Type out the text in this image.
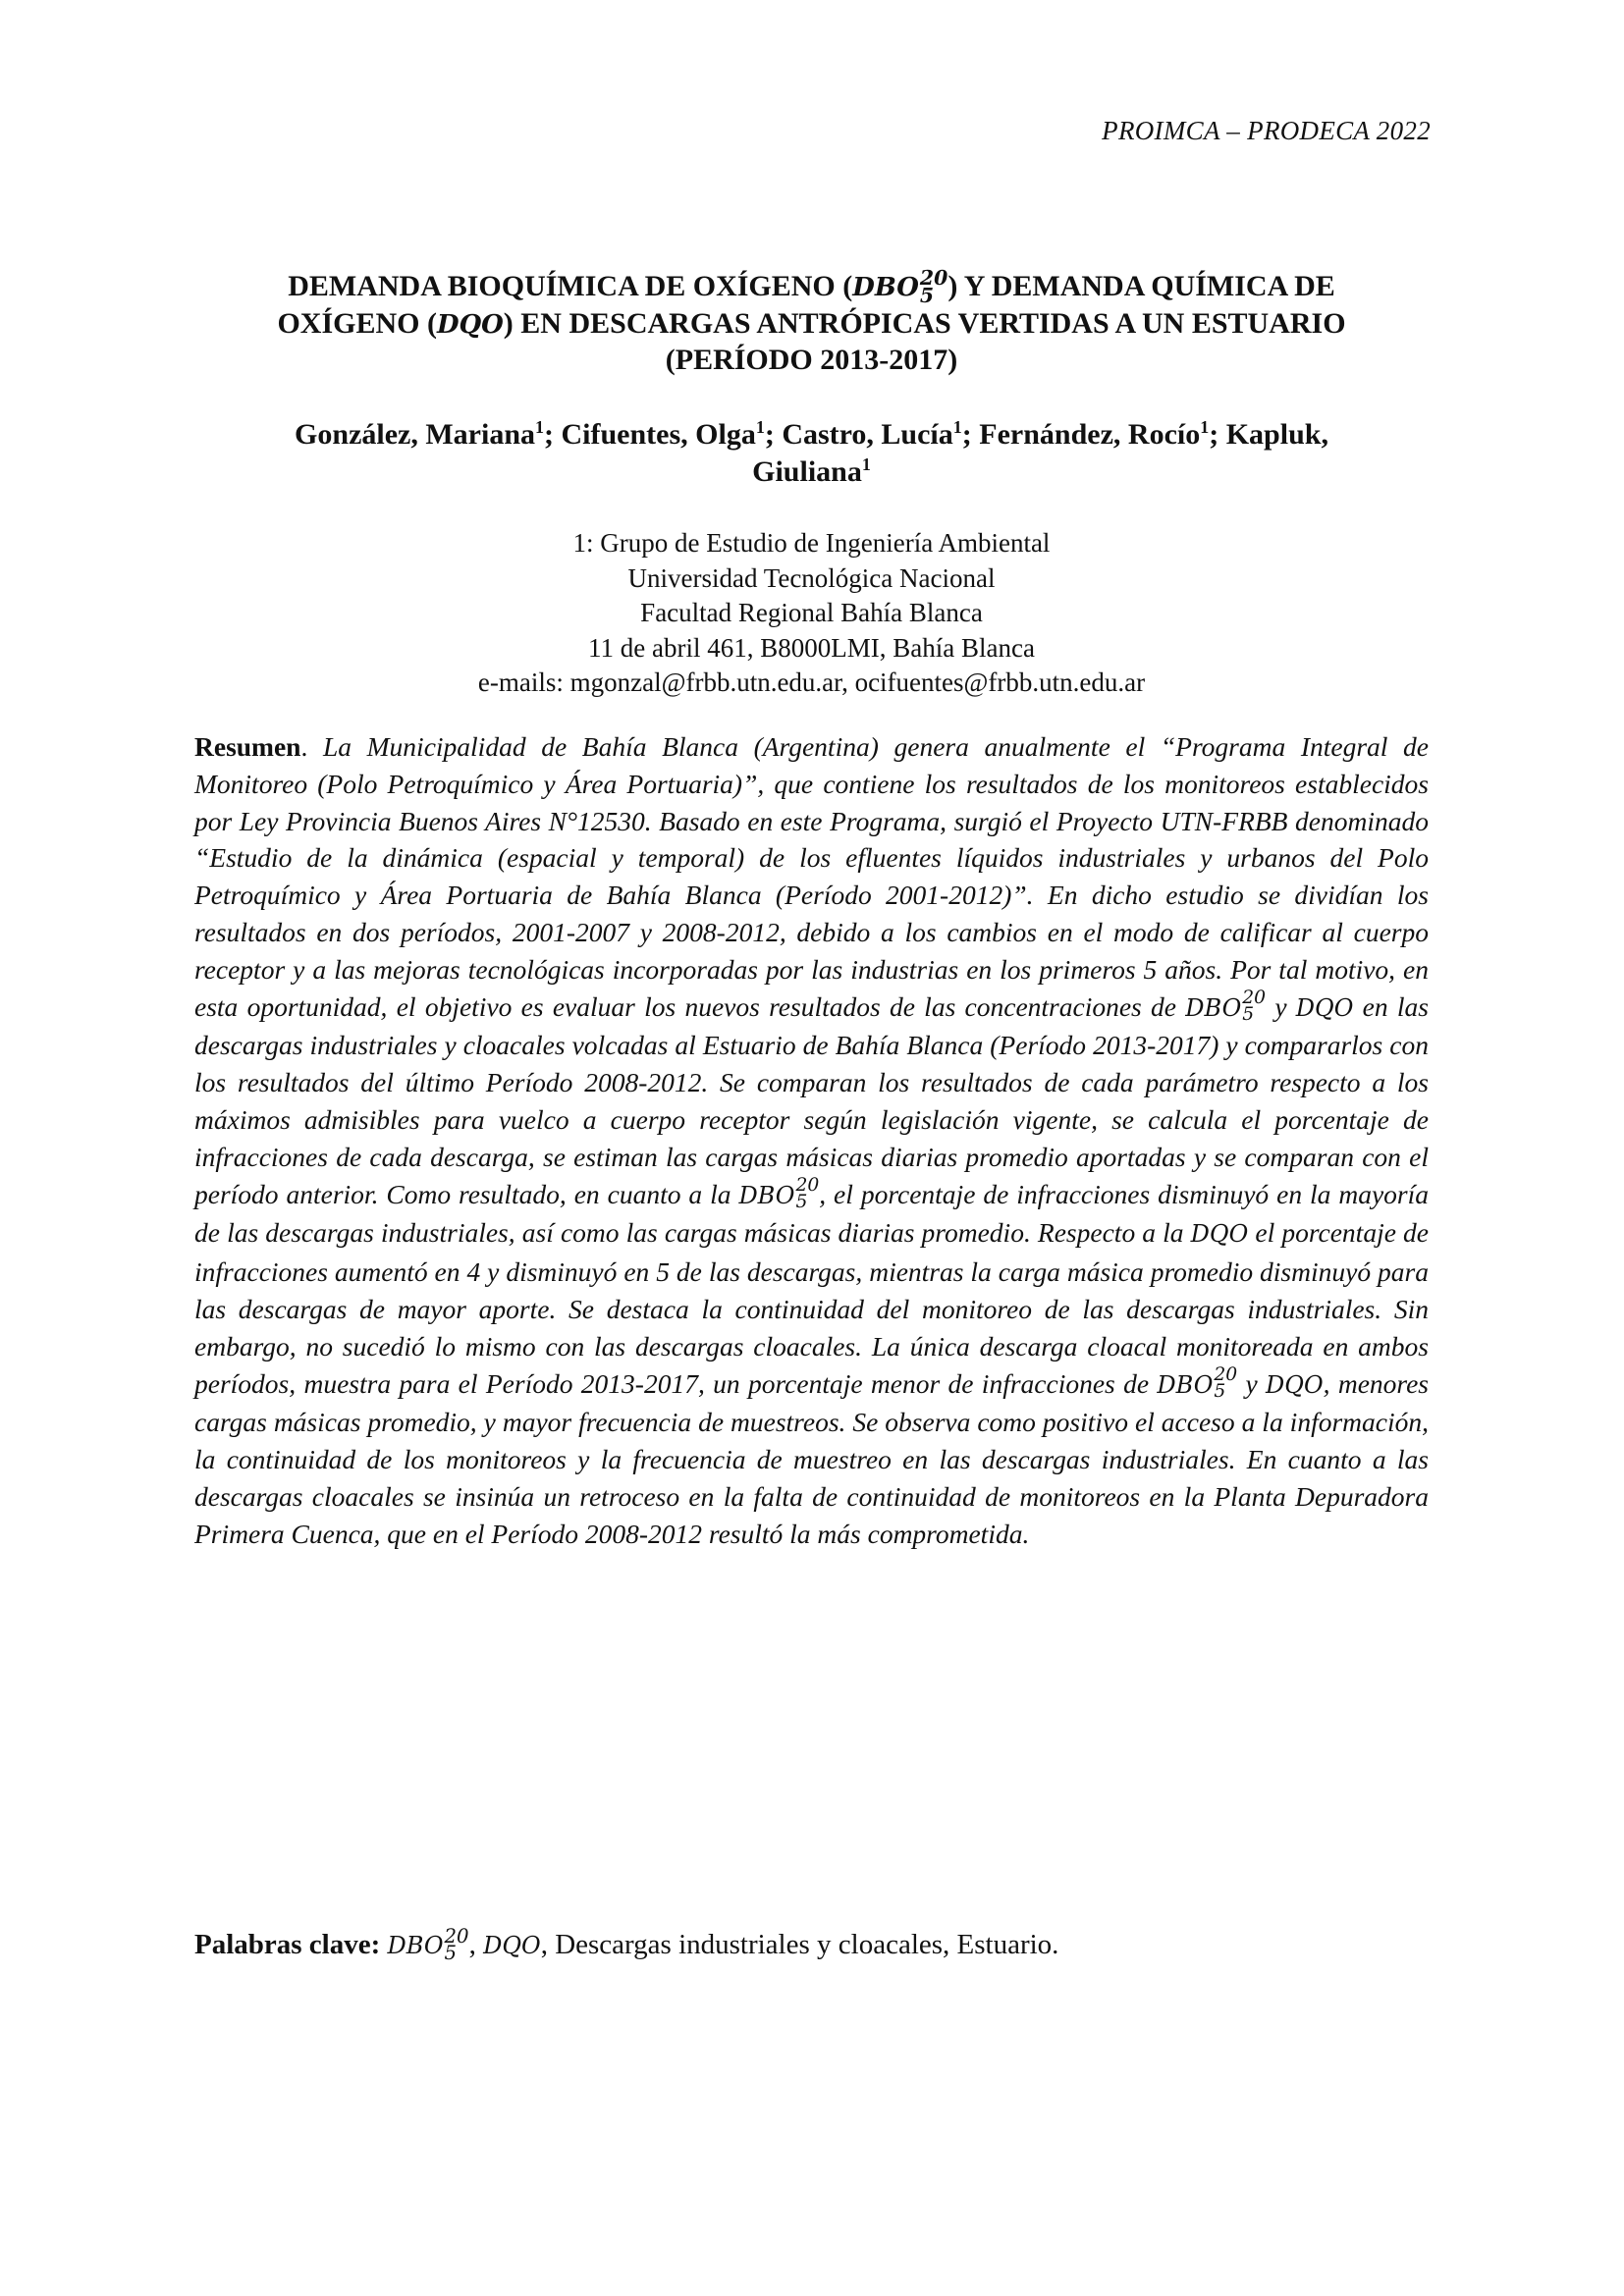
PROIMCA – PRODECA 2022
DEMANDA BIOQUÍMICA DE OXÍGENO (DBO 20
5 ) Y DEMANDA QUÍMICA DE
OXÍGENO (DQO) EN DESCARGAS ANTRÓPICAS VERTIDAS A UN ESTUARIO
(PERÍODO 2013-2017)
González, Mariana$^1$; Cifuentes, Olga$^1$; Castro, Lucía$^1$; Fernández, Rocío$^1$; Kapluk,
Giuliana$^1$
1: Grupo de Estudio de Ingeniería Ambiental
Universidad Tecnológica Nacional
Facultad Regional Bahía Blanca
11 de abril 461, B8000LMI, Bahía Blanca
e-mails: mgonzal@frbb.utn.edu.ar, ocifuentes@frbb.utn.edu.ar
Resumen. La Municipalidad de Bahía Blanca (Argentina) genera anualmente el “Programa Integral de Monitoreo (Polo Petroquímico y Área Portuaria)”, que contiene los resultados de los monitoreos establecidos por Ley Provincia Buenos Aires N°12530. Basado en este Programa, surgió el Proyecto UTN-FRBB denominado “Estudio de la dinámica (espacial y temporal) de los efluentes líquidos industriales y urbanos del Polo Petroquímico y Área Portuaria de Bahía Blanca (Período 2001-2012)”. En dicho estudio se dividían los resultados en dos períodos, 2001-2007 y 2008-2012, debido a los cambios en el modo de calificar al cuerpo receptor y a las mejoras tecnológicas incorporadas por las industrias en los primeros 5 años. Por tal motivo, en esta oportunidad, el objetivo es evaluar los nuevos resultados de las concentraciones de DBO 20
5 y DQO en las descargas industriales y cloacales volcadas al Estuario de Bahía Blanca (Período 2013-2017) y compararlos con los resultados del último Período 2008-2012. Se comparan los resultados de cada parámetro respecto a los máximos admisibles para vuelco a cuerpo receptor según legislación vigente, se calcula el porcentaje de infracciones de cada descarga, se estiman las cargas másicas diarias promedio aportadas y se comparan con el período anterior. Como resultado, en cuanto a la DBO 20
5 , el porcentaje de infracciones disminuyó en la mayoría de las descargas industriales, así como las cargas másicas diarias promedio. Respecto a la DQO el porcentaje de infracciones aumentó en 4 y disminuyó en 5 de las descargas, mientras la carga másica promedio disminuyó para las descargas de mayor aporte. Se destaca la continuidad del monitoreo de las descargas industriales. Sin embargo, no sucedió lo mismo con las descargas cloacales. La única descarga cloacal monitoreada en ambos períodos, muestra para el Período 2013-2017, un porcentaje menor de infracciones de DBO 20
5 y DQO, menores cargas másicas promedio, y mayor frecuencia de muestreos. Se observa como positivo el acceso a la información, la continuidad de los monitoreos y la frecuencia de muestreo en las descargas industriales. En cuanto a las descargas cloacales se insinúa un retroceso en la falta de continuidad de monitoreos en la Planta Depuradora Primera Cuenca, que en el Período 2008-2012 resultó la más comprometida.
Palabras clave: DBO 20
5 , DQO, Descargas industriales y cloacales, Estuario.
